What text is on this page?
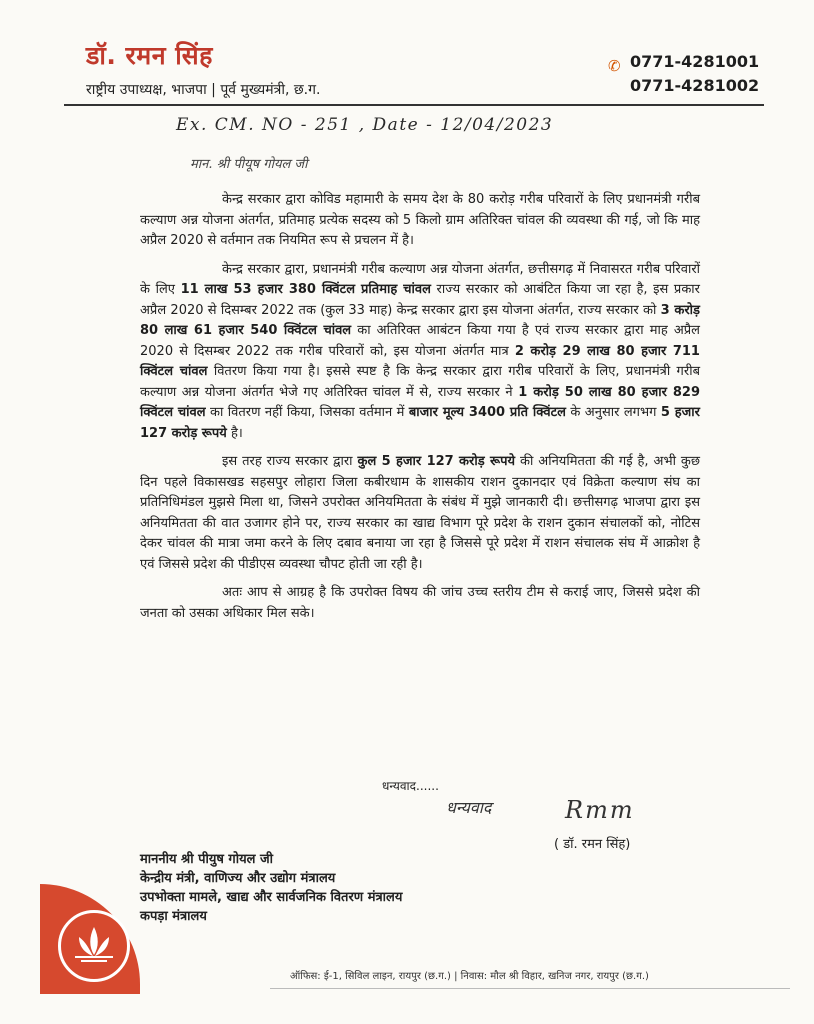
डॉ. रमन सिंह
राष्ट्रीय उपाध्यक्ष, भाजपा | पूर्व मुख्यमंत्री, छ.ग.
✆ 0771-4281001
0771-4281002
Ex. CM. NO - 251 , Date - 12/04/2023
मान. श्री पीयूष गोयल जी

केन्द्र सरकार द्वारा कोविड महामारी के समय देश के 80 करोड़ गरीब परिवारों के लिए प्रधानमंत्री गरीब कल्याण अन्न योजना अंतर्गत, प्रतिमाह प्रत्येक सदस्य को 5 किलो ग्राम अतिरिक्त चांवल की व्यवस्था की गई, जो कि माह अप्रैल 2020 से वर्तमान तक नियमित रूप से प्रचलन में है।

केन्द्र सरकार द्वारा, प्रधानमंत्री गरीब कल्याण अन्न योजना अंतर्गत, छत्तीसगढ़ में निवासरत गरीब परिवारों के लिए 11 लाख 53 हजार 380 क्विंटल प्रतिमाह चांवल राज्य सरकार को आबंटित किया जा रहा है, इस प्रकार अप्रैल 2020 से दिसम्बर 2022 तक (कुल 33 माह) केन्द्र सरकार द्वारा इस योजना अंतर्गत, राज्य सरकार को 3 करोड़ 80 लाख 61 हजार 540 क्विंटल चांवल का अतिरिक्त आबंटन किया गया है एवं राज्य सरकार द्वारा माह अप्रैल 2020 से दिसम्बर 2022 तक गरीब परिवारों को, इस योजना अंतर्गत मात्र 2 करोड़ 29 लाख 80 हजार 711 क्विंटल चांवल वितरण किया गया है। इससे स्पष्ट है कि केन्द्र सरकार द्वारा गरीब परिवारों के लिए, प्रधानमंत्री गरीब कल्याण अन्न योजना अंतर्गत भेजे गए अतिरिक्त चांवल में से, राज्य सरकार ने 1 करोड़ 50 लाख 80 हजार 829 क्विंटल चांवल का वितरण नहीं किया, जिसका वर्तमान में बाजार मूल्य 3400 प्रति क्विंटल के अनुसार लगभग 5 हजार 127 करोड़ रूपये है।

इस तरह राज्य सरकार द्वारा कुल 5 हजार 127 करोड़ रूपये की अनियमितता की गई है, अभी कुछ दिन पहले विकासखड सहसपुर लोहारा जिला कबीरधाम के शासकीय राशन दुकानदार एवं विक्रेता कल्याण संघ का प्रतिनिधिमंडल मुझसे मिला था, जिसने उपरोक्त अनियमितता के संबंध में मुझे जानकारी दी। छत्तीसगढ़ भाजपा द्वारा इस अनियमितता की वात उजागर होने पर, राज्य सरकार का खाद्य विभाग पूरे प्रदेश के राशन दुकान संचालकों को, नोटिस देकर चांवल की मात्रा जमा करने के लिए दबाव बनाया जा रहा है जिससे पूरे प्रदेश में राशन संचालक संघ में आक्रोश है एवं जिससे प्रदेश की पीडीएस व्यवस्था चौपट होती जा रही है।

अतः आप से आग्रह है कि उपरोक्त विषय की जांच उच्च स्तरीय टीम से कराई जाए, जिससे प्रदेश की जनता को उसका अधिकार मिल सके।

धन्यवाद......
धन्यवाद	Rmm
( डॉ. रमन सिंह)
माननीय श्री पीयुष गोयल जी
केन्द्रीय मंत्री, वाणिज्य और उद्योग मंत्रालय
उपभोक्ता मामले, खाद्य और सार्वजनिक वितरण मंत्रालय
कपड़ा मंत्रालय
ऑफिस: ई-1, सिविल लाइन, रायपुर (छ.ग.) | निवास: मौल श्री विहार, खनिज नगर, रायपुर (छ.ग.)
